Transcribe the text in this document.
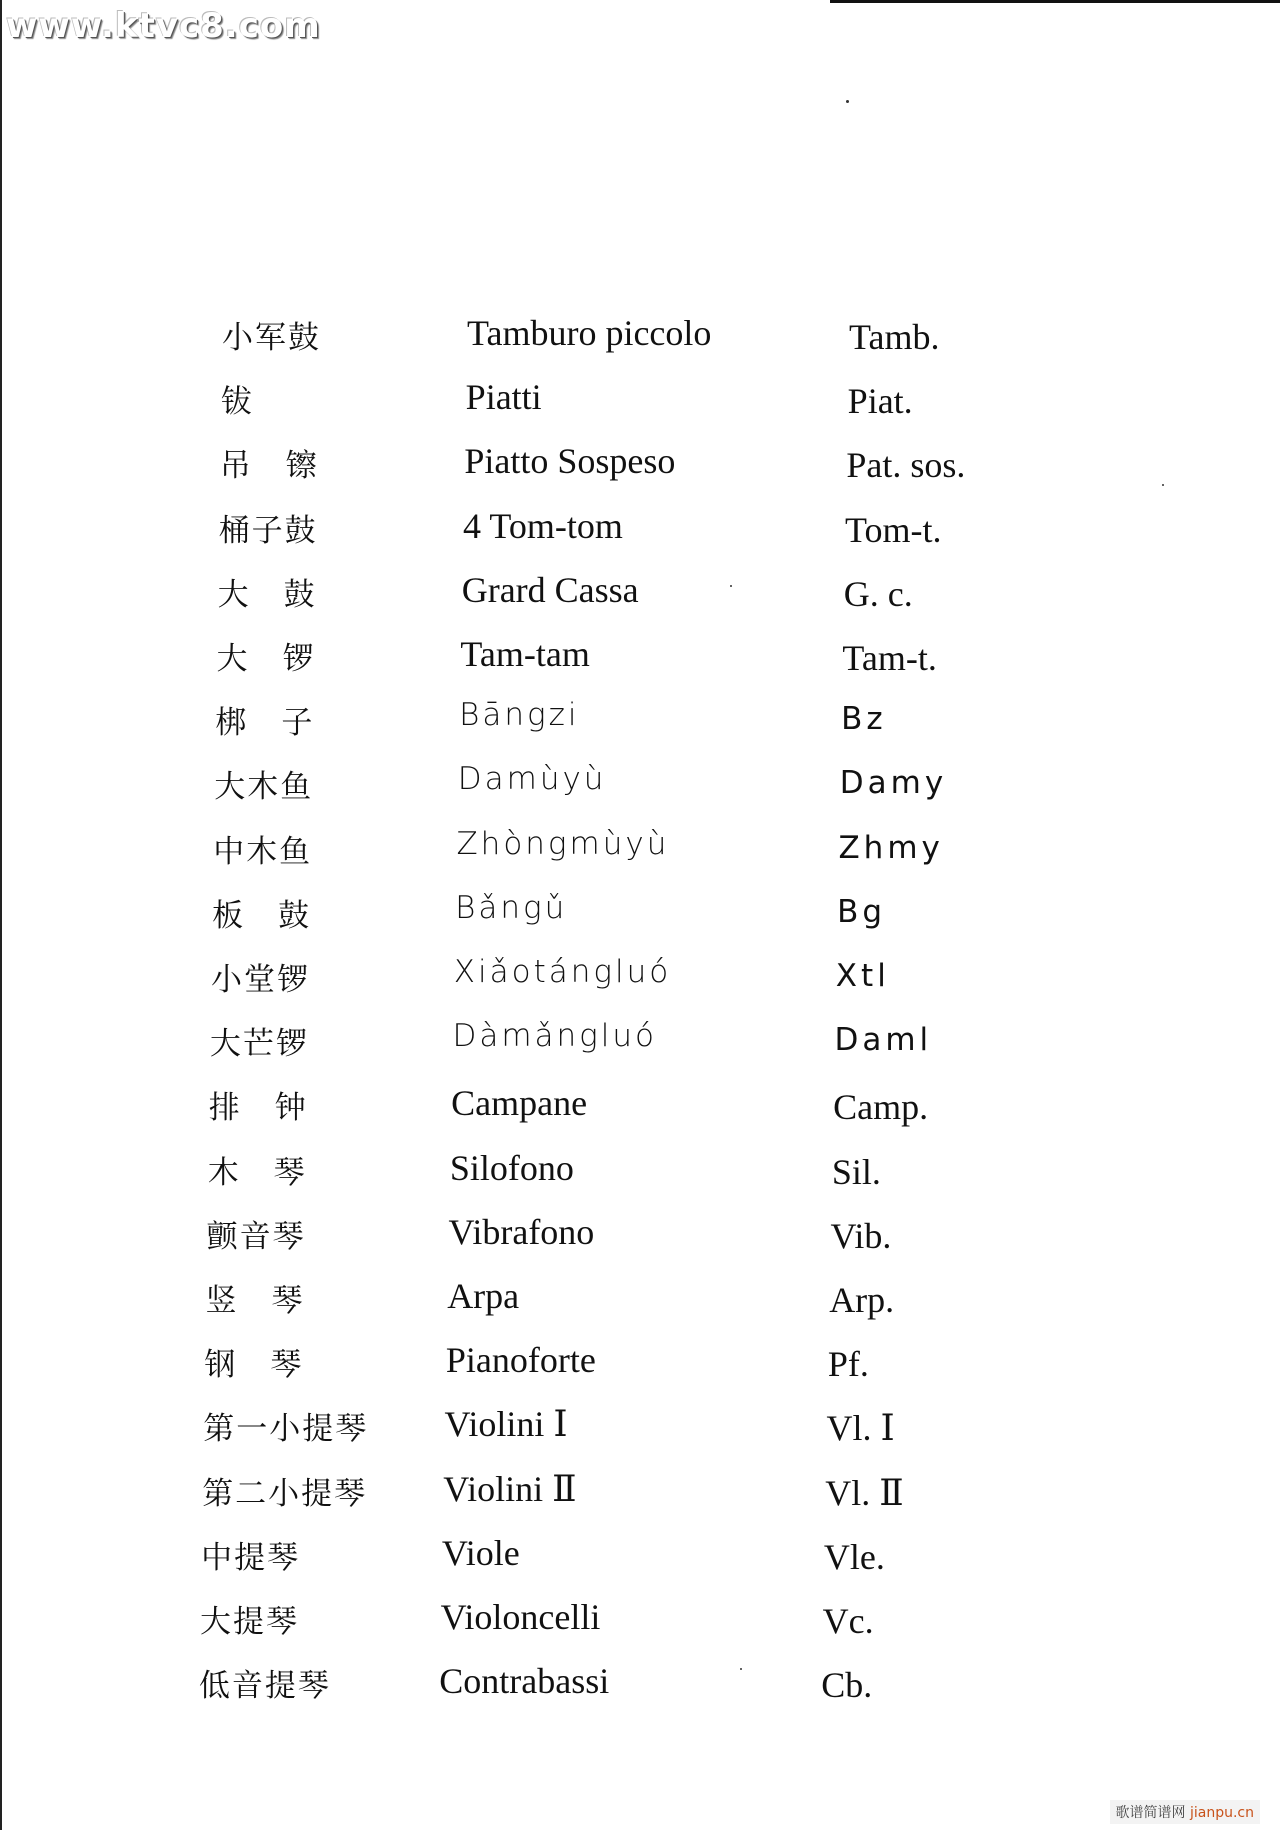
www.ktvc8.com
小军鼓	Tamburo piccolo	Tamb.
钹	Piatti	Piat.
吊　镲	Piatto Sospeso	Pat. sos.
桶子鼓	4 Tom-tom	Tom-t.
大　鼓	Grard Cassa	G. c.
大　锣	Tam-tam	Tam-t.
梆　子	Bāngzi	Bz
大木鱼	Damùyù	Damy
中木鱼	Zhòngmùyù	Zhmy
板　鼓	Bǎngǔ	Bg
小堂锣	Xiǎotángluó	Xtl
大芒锣	Dàmǎngluó	Daml
排　钟	Campane	Camp.
木　琴	Silofono	Sil.
颤音琴	Vibrafono	Vib.
竖　琴	Arpa	Arp.
钢　琴	Pianoforte	Pf.
第一小提琴 Violini Ⅰ	Vl. Ⅰ
第二小提琴 Violini Ⅱ	Vl. Ⅱ
中提琴	Viole	Vle.
大提琴	Violoncelli	Vc.
低音提琴	Contrabassi	Cb.
歌谱简谱网 jianpu.cn
